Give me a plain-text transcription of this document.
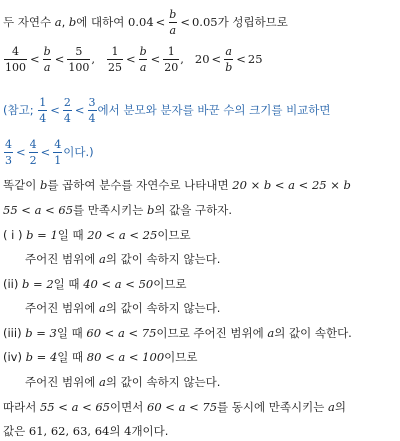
두 자연수 a, b에 대하여 $0.04 < \frac{b}{a} < 0.05$가 성립하므로
$\frac{4}{100} < \frac{b}{a} < \frac{5}{100}$ , $\frac{1}{25} < \frac{b}{a} < \frac{1}{20}$ , $20 < \frac{a}{b} < 25$
(참고; $\frac{1}{4} < \frac{2}{4} < \frac{3}{4}$ 에서 분모와 분자를 바꾼 수의 크기를 비교하면
$\frac{4}{3} < \frac{4}{2} < \frac{4}{1}$ 이다.)
똑같이 b를 곱하여 분수를 자연수로 나타내면 20 × b < a < 25 × b
55 < a < 65를 만족시키는 b의 값을 구하자.
( i ) b = 1일 때 20 < a < 25이므로
주어진 범위에 a의 값이 속하지 않는다.
(ii) b = 2일 때 40 < a < 50이므로
주어진 범위에 a의 값이 속하지 않는다.
(iii) b = 3일 때 60 < a < 75이므로 주어진 범위에 a의 값이 속한다.
(iv) b = 4일 때 80 < a < 100이므로
주어진 범위에 a의 값이 속하지 않는다.
따라서 55 < a < 65이면서 60 < a < 75를 동시에 만족시키는 a의
값은 61, 62, 63, 64의 4개이다.
